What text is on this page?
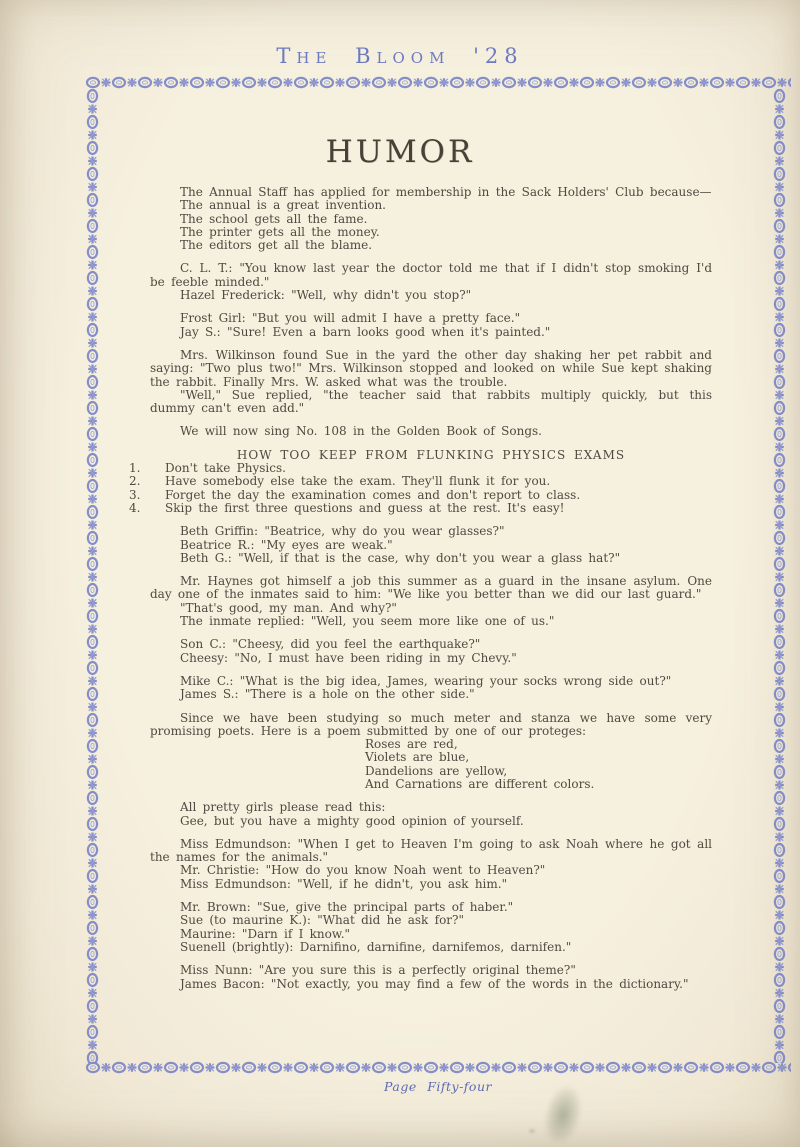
The Bloom '28
HUMOR

The Annual Staff has applied for membership in the Sack Holders' Club because—

The annual is a great invention.

The school gets all the fame.

The printer gets all the money.

The editors get all the blame.

C. L. T.: "You know last year the doctor told me that if I didn't stop smoking I'd be feeble minded."

Hazel Frederick: "Well, why didn't you stop?"

Frost Girl: "But you will admit I have a pretty face."

Jay S.: "Sure! Even a barn looks good when it's painted."

Mrs. Wilkinson found Sue in the yard the other day shaking her pet rabbit and saying: "Two plus two!" Mrs. Wilkinson stopped and looked on while Sue kept shaking the rabbit. Finally Mrs. W. asked what was the trouble.

"Well," Sue replied, "the teacher said that rabbits multiply quickly, but this dummy can't even add."

We will now sing No. 108 in the Golden Book of Songs.

HOW TOO KEEP FROM FLUNKING PHYSICS EXAMS

1.	Don't take Physics.
2.	Have somebody else take the exam. They'll flunk it for you.
3.	Forget the day the examination comes and don't report to class.
4.	Skip the first three questions and guess at the rest. It's easy!

Beth Griffin: "Beatrice, why do you wear glasses?"

Beatrice R.: "My eyes are weak."

Beth G.: "Well, if that is the case, why don't you wear a glass hat?"

Mr. Haynes got himself a job this summer as a guard in the insane asylum. One day one of the inmates said to him: "We like you better than we did our last guard."

"That's good, my man. And why?"

The inmate replied: "Well, you seem more like one of us."

Son C.: "Cheesy, did you feel the earthquake?"

Cheesy: "No, I must have been riding in my Chevy."

Mike C.: "What is the big idea, James, wearing your socks wrong side out?"

James S.: "There is a hole on the other side."

Since we have been studying so much meter and stanza we have some very promising poets. Here is a poem submitted by one of our proteges:

Roses are red,

Violets are blue,

Dandelions are yellow,

And Carnations are different colors.

All pretty girls please read this:

Gee, but you have a mighty good opinion of yourself.

Miss Edmundson: "When I get to Heaven I'm going to ask Noah where he got all the names for the animals."

Mr. Christie: "How do you know Noah went to Heaven?"

Miss Edmundson: "Well, if he didn't, you ask him."

Mr. Brown: "Sue, give the principal parts of haber."

Sue (to maurine K.): "What did he ask for?"

Maurine: "Darn if I know."

Suenell (brightly): Darnifino, darnifine, darnifemos, darnifen."

Miss Nunn: "Are you sure this is a perfectly original theme?"

James Bacon: "Not exactly, you may find a few of the words in the dictionary."

Page Fifty-four
